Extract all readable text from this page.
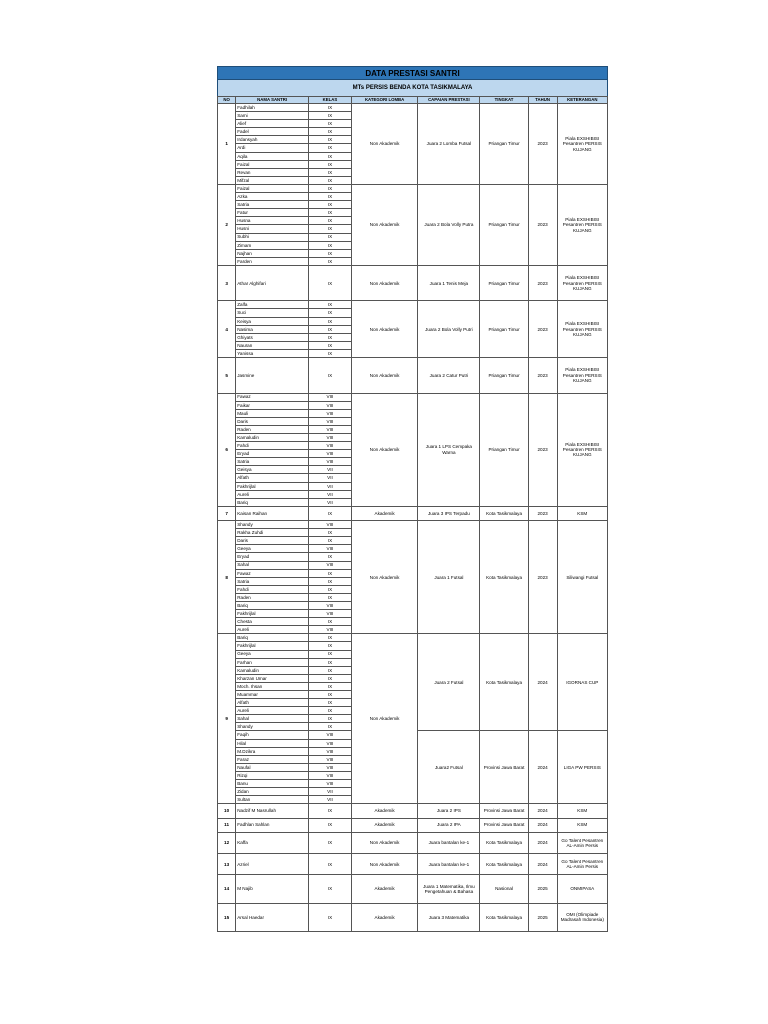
DATA PRESTASI SANTRI
MTs PERSIS BENDA KOTA TASIKMALAYA
NO	NAMA SANTRI	KELAS	KATEGORI LOMBA	CAPAIAN PRESTASI	TINGKAT	TAHUN	KETERANGAN
1	Fadhilah	IX	Non Akademik	Juara 2 Lomba Futsal	Priangan Timur	2023	Piala EXSHIBISI Pesantren PERSIS KUJANG
	Sami	IX					
	Alief	IX					
	Fadel	IX					
	Irdansyah	IX					
	Ardi	IX					
	Aqila	IX					
	Faizal	IX					
	Revan	IX					
	Mifzal	IX					
2	Faizal	IX	Non Akademik	Juara 2 Bola Volly Putra	Priangan Timur	2023	Piala EXSHIBISI Pesantren PERSIS KUJANG
	Azka	IX					
	Satria	IX					
	Fatur	IX					
	Husna	IX					
	Husni	IX					
	Subhi	IX					
	Zimam	IX					
	Najhan	IX					
	Farden	IX					
3	Athar Alghifari	IX	Non Akademik	Juara 1 Tenis Meja	Priangan Timur	2023	Piala EXSHIBISI Pesantren PERSIS KUJANG
4	Zalfa	IX	Non Akademik	Juara 2 Bola Volly Putri	Priangan Timur	2023	Piala EXSHIBISI Pesantren PERSIS KUJANG
	Suci	IX					
	Keisya	IX					
	Nasima	IX					
	Ghiyats	IX					
	Nauran	IX					
	Yanissa	IX					
5	Jasmine	IX	Non Akademik	Juara 2 Catur Putri	Priangan Timur	2023	Piala EXSHIBISI Pesantren PERSIS KUJANG
6	Fawaz	VIII	Non Akademik	Juara 1 LPS Cempaka Warna	Priangan Timur	2023	Piala EXSHIBISI Pesantren PERSIS KUJANG
	Faikar	VIII					
	Mauli	VIII					
	Daris	VIII					
	Raden	VIII					
	Kamaludin	VIII					
	Fahdi	VIII					
	Eryad	VIII					
	Satria	VIII					
	Geisya	VII					
	Alfath	VII					
	Fakhrijlal	VII					
	Aureli	VII					
	Bariq	VII					
7	Kaisan Raihan	IX	Akademik	Juara 3 IPS Terpadu	Kota Tasikmalaya	2023	KSM
8	Shandy	VIII	Non Akademik	Juara 1 Futsal	Kota Tasikmalaya	2023	Siliwangi Futsal
	Rakha Zuhdi	IX					
	Daris	IX					
	Geeya	VIII					
	Eryad	IX					
	Sahal	VIII					
	Fawaz	IX					
	Satria	IX					
	Fahdi	IX					
	Raden	IX					
	Bariq	VIII					
	Fakhrijlal	VIII					
	Chesta	IX					
	Aureli	VIII					
9	Bariq	IX	Non Akademik	Juara 2 Futsal	Kota Tasikmalaya	2024	IGORNAS CUP
	Fakhrijlal	IX					
	Geeya	IX					
	Farhan	IX					
	Kamaludin	IX					
	Kharzan Umar	IX					
	Moch. Ihsan	IX					
	Muammar	IX					
	Alfath	IX					
	Aureli	IX					
	Sahal	IX					
	Shandy	IX					
	Faqih	VIII		Juara2 Futsal	Provinsi Jawa Barat	2024	LIGA PW PERSIS
	Hilal	VIII					
	M.Dzikra	VIII					
	Faraz	VIII					
	Naufal	VIII					
	Rizqi	VIII					
	Banu	VIII					
	Zidan	VII					
	Sultan	VII					
10	Nadzif M Nasrullah	IX	Akademik	Juara 2 IPS	Provinsi Jawa Barat	2024	KSM
11	Fadhlan Sahlan	IX	Akademik	Juara 2 IPA	Provinsi Jawa Barat	2024	KSM
12	Kaffa	IX	Non Akademik	Juara bantalan ke-1	Kota Tasikmalaya	2024	Go Talent Pesantren AL-Amin Persis
13	Azriel	IX	Non Akademik	Juara bantalan ke-1	Kota Tasikmalaya	2024	Go Talent Pesantren AL-Amin Persis
14	M Najib	IX	Akademik	Juara 1 Matematika, Ilmu Pengetahuan & Bahasa	Nasional	2025	ONMIPASA
15	Arsal Haedar	IX	Akademik	Juara 3 Matematika	Kota Tasikmalaya	2025	OMI (Olimpiade Madrasah Indonesia)
